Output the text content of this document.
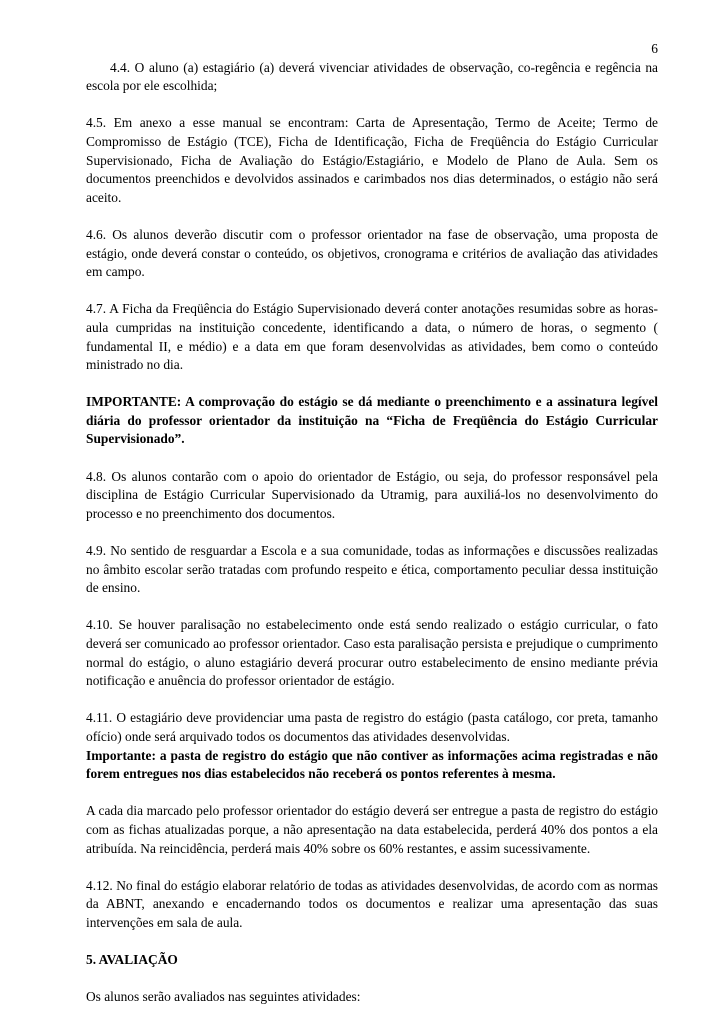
6

4.4. O aluno (a) estagiário (a) deverá vivenciar atividades de observação, co-regência e regência na escola por ele escolhida;

4.5. Em anexo a esse manual se encontram: Carta de Apresentação, Termo de Aceite; Termo de Compromisso de Estágio (TCE), Ficha de Identificação, Ficha de Freqüência do Estágio Curricular Supervisionado, Ficha de Avaliação do Estágio/Estagiário, e Modelo de Plano de Aula. Sem os documentos preenchidos e devolvidos assinados e carimbados nos dias determinados, o estágio não será aceito.

4.6. Os alunos deverão discutir com o professor orientador na fase de observação, uma proposta de estágio, onde deverá constar o conteúdo, os objetivos, cronograma e critérios de avaliação das atividades em campo.

4.7. A Ficha da Freqüência do Estágio Supervisionado deverá conter anotações resumidas sobre as horas-aula cumpridas na instituição concedente, identificando a data, o número de horas, o segmento ( fundamental II, e médio) e a data em que foram desenvolvidas as atividades, bem como o conteúdo ministrado no dia.

IMPORTANTE: A comprovação do estágio se dá mediante o preenchimento e a assinatura legível diária do professor orientador da instituição na “Ficha de Freqüência do Estágio Curricular Supervisionado”.

4.8. Os alunos contarão com o apoio do orientador de Estágio, ou seja, do professor responsável pela disciplina de Estágio Curricular Supervisionado da Utramig, para auxiliá-los no desenvolvimento do processo e no preenchimento dos documentos.

4.9. No sentido de resguardar a Escola e a sua comunidade, todas as informações e discussões realizadas no âmbito escolar serão tratadas com profundo respeito e ética, comportamento peculiar dessa instituição de ensino.

4.10. Se houver paralisação no estabelecimento onde está sendo realizado o estágio curricular, o fato deverá ser comunicado ao professor orientador. Caso esta paralisação persista e prejudique o cumprimento normal do estágio, o aluno estagiário deverá procurar outro estabelecimento de ensino mediante prévia notificação e anuência do professor orientador de estágio.

4.11. O estagiário deve providenciar uma pasta de registro do estágio (pasta catálogo, cor preta, tamanho ofício) onde será arquivado todos os documentos das atividades desenvolvidas.

Importante: a pasta de registro do estágio que não contiver as informações acima registradas e não forem entregues nos dias estabelecidos não receberá os pontos referentes à mesma.

A cada dia marcado pelo professor orientador do estágio deverá ser entregue a pasta de registro do estágio com as fichas atualizadas porque, a não apresentação na data estabelecida, perderá 40% dos pontos a ela atribuída. Na reincidência, perderá mais 40% sobre os 60% restantes, e assim sucessivamente.

4.12. No final do estágio elaborar relatório de todas as atividades desenvolvidas, de acordo com as normas da ABNT, anexando e encadernando todos os documentos e realizar uma apresentação das suas intervenções em sala de aula.

5. AVALIAÇÃO

Os alunos serão avaliados nas seguintes atividades:
